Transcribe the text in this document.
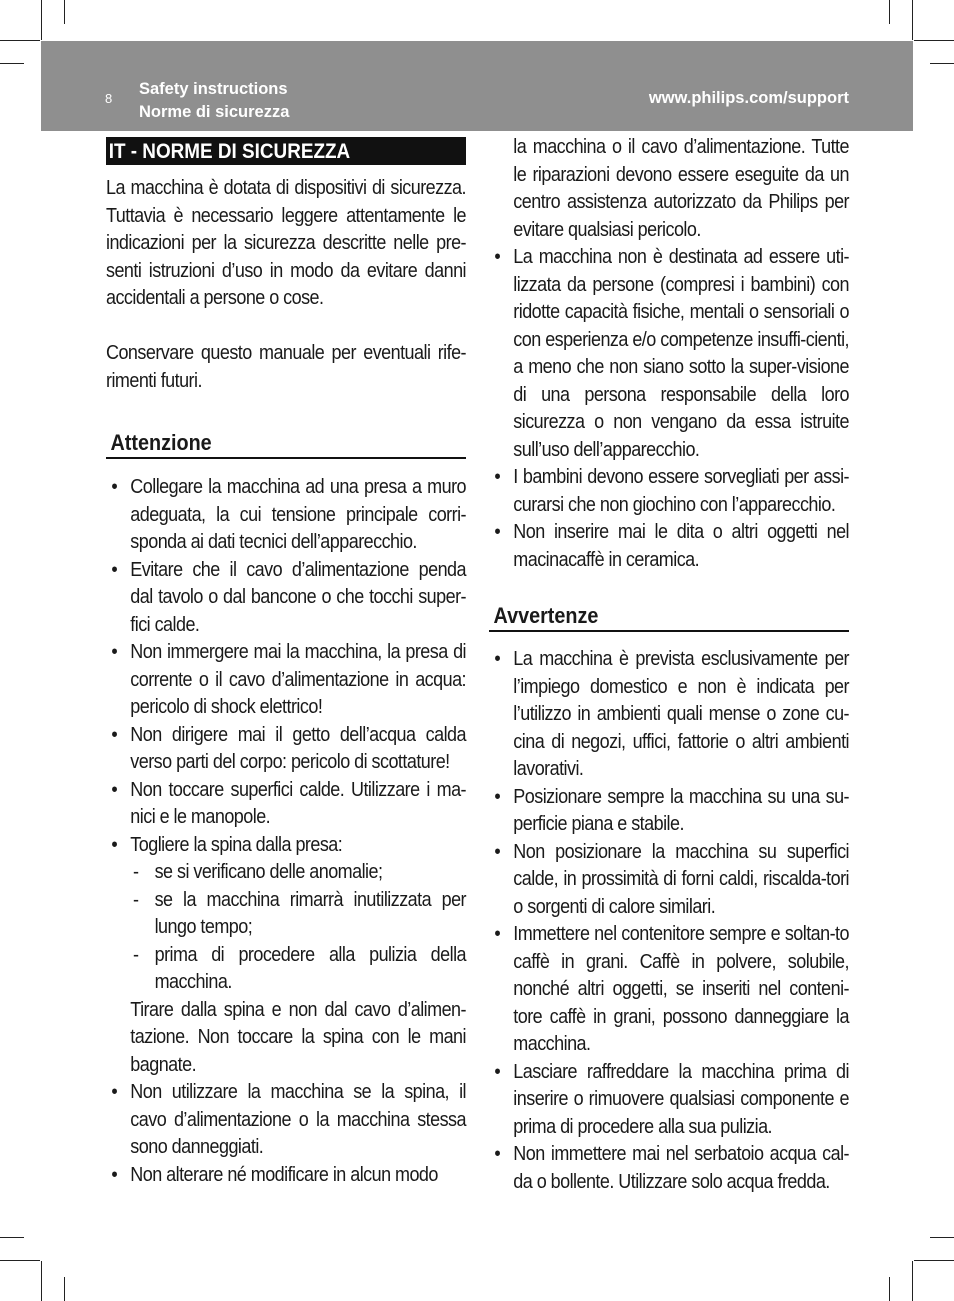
8
Safety instructions
Norme di sicurezza
www.philips.com/support
IT - NORME DI SICUREZZA

La macchina è dotata di dispositivi di sicurezza. Tuttavia è necessario leggere attentamente le indicazioni per la sicurezza descritte nelle pre-senti istruzioni d’uso in modo da evitare danni accidentali a persone o cose.

Conservare questo manuale per eventuali rife-rimenti futuri.

Attenzione
• Collegare la macchina ad una presa a muro adeguata, la cui tensione principale corri-sponda ai dati tecnici dell’apparecchio.
• Evitare che il cavo d’alimentazione penda dal tavolo o dal bancone o che tocchi super-fici calde.
• Non immergere mai la macchina, la presa di corrente o il cavo d’alimentazione in acqua: pericolo di shock elettrico!
• Non dirigere mai il getto dell’acqua calda verso parti del corpo: pericolo di scottature!
• Non toccare superfici calde. Utilizzare i ma-nici e le manopole.
• Togliere la spina dalla presa:
- se si verificano delle anomalie;
- se la macchina rimarrà inutilizzata per lungo tempo;
- prima di procedere alla pulizia della macchina.

Tirare dalla spina e non dal cavo d’alimen-tazione. Non toccare la spina con le mani bagnate.

• Non utilizzare la macchina se la spina, il cavo d’alimentazione o la macchina stessa sono danneggiati.
• Non alterare né modificare in alcun modo

la macchina o il cavo d’alimentazione. Tutte le riparazioni devono essere eseguite da un centro assistenza autorizzato da Philips per evitare qualsiasi pericolo.

• La macchina non è destinata ad essere uti-lizzata da persone (compresi i bambini) con ridotte capacità fisiche, mentali o sensoriali o con esperienza e/o competenze insuffi-cienti, a meno che non siano sotto la super-visione di una persona responsabile della loro sicurezza o non vengano da essa istruite sull’uso dell’apparecchio.
• I bambini devono essere sorvegliati per assi-curarsi che non giochino con l’apparecchio.
• Non inserire mai le dita o altri oggetti nel macinacaffè in ceramica.
Avvertenze
• La macchina è prevista esclusivamente per l’impiego domestico e non è indicata per l’utilizzo in ambienti quali mense o zone cu-cina di negozi, uffici, fattorie o altri ambienti lavorativi.
• Posizionare sempre la macchina su una su-perficie piana e stabile.
• Non posizionare la macchina su superfici calde, in prossimità di forni caldi, riscalda-tori o sorgenti di calore similari.
• Immettere nel contenitore sempre e soltan-to caffè in grani. Caffè in polvere, solubile, nonché altri oggetti, se inseriti nel conteni-tore caffè in grani, possono danneggiare la macchina.
• Lasciare raffreddare la macchina prima di inserire o rimuovere qualsiasi componente e prima di procedere alla sua pulizia.
• Non immettere mai nel serbatoio acqua cal-da o bollente. Utilizzare solo acqua fredda.
